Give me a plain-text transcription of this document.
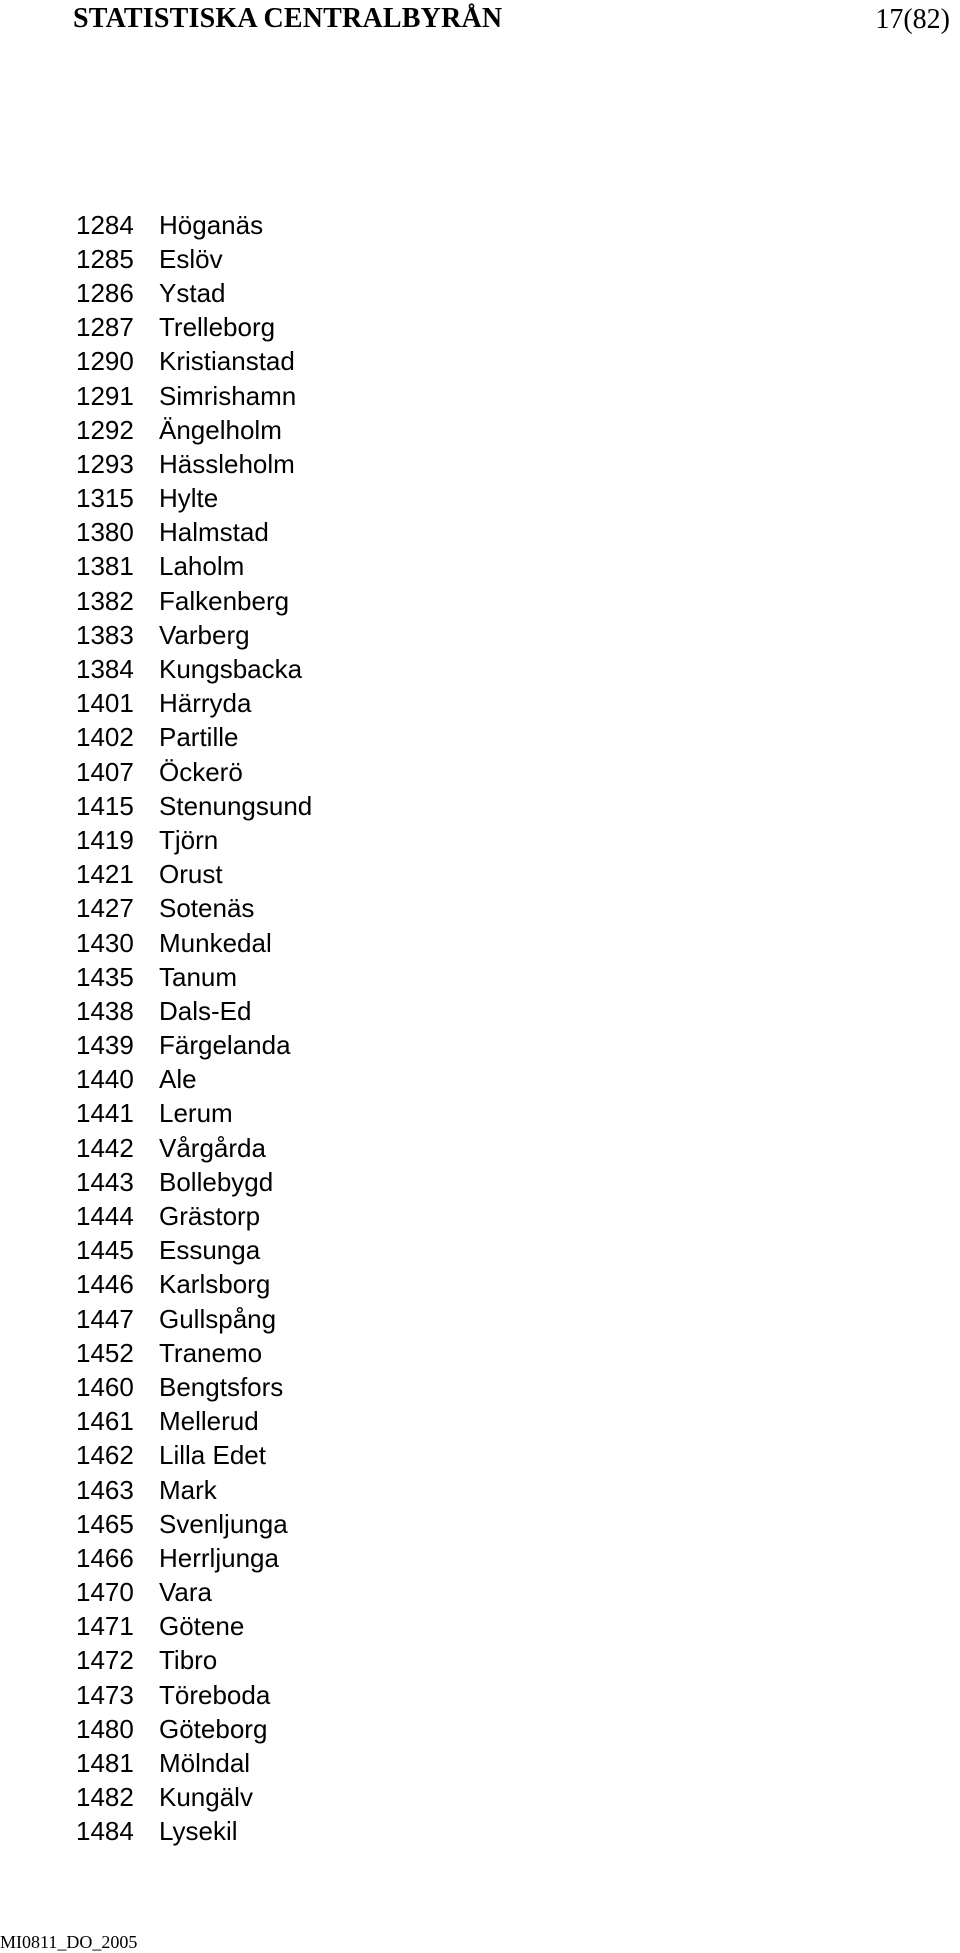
STATISTISKA CENTRALBYRÅN	17(82)
1284 Höganäs
1285 Eslöv
1286 Ystad
1287 Trelleborg
1290 Kristianstad
1291 Simrishamn
1292 Ängelholm
1293 Hässleholm
1315 Hylte
1380 Halmstad
1381 Laholm
1382 Falkenberg
1383 Varberg
1384 Kungsbacka
1401 Härryda
1402 Partille
1407 Öckerö
1415 Stenungsund
1419 Tjörn
1421 Orust
1427 Sotenäs
1430 Munkedal
1435 Tanum
1438 Dals-Ed
1439 Färgelanda
1440 Ale
1441 Lerum
1442 Vårgårda
1443 Bollebygd
1444 Grästorp
1445 Essunga
1446 Karlsborg
1447 Gullspång
1452 Tranemo
1460 Bengtsfors
1461 Mellerud
1462 Lilla Edet
1463 Mark
1465 Svenljunga
1466 Herrljunga
1470 Vara
1471 Götene
1472 Tibro
1473 Töreboda
1480 Göteborg
1481 Mölndal
1482 Kungälv
1484 Lysekil
MI0811_DO_2005
